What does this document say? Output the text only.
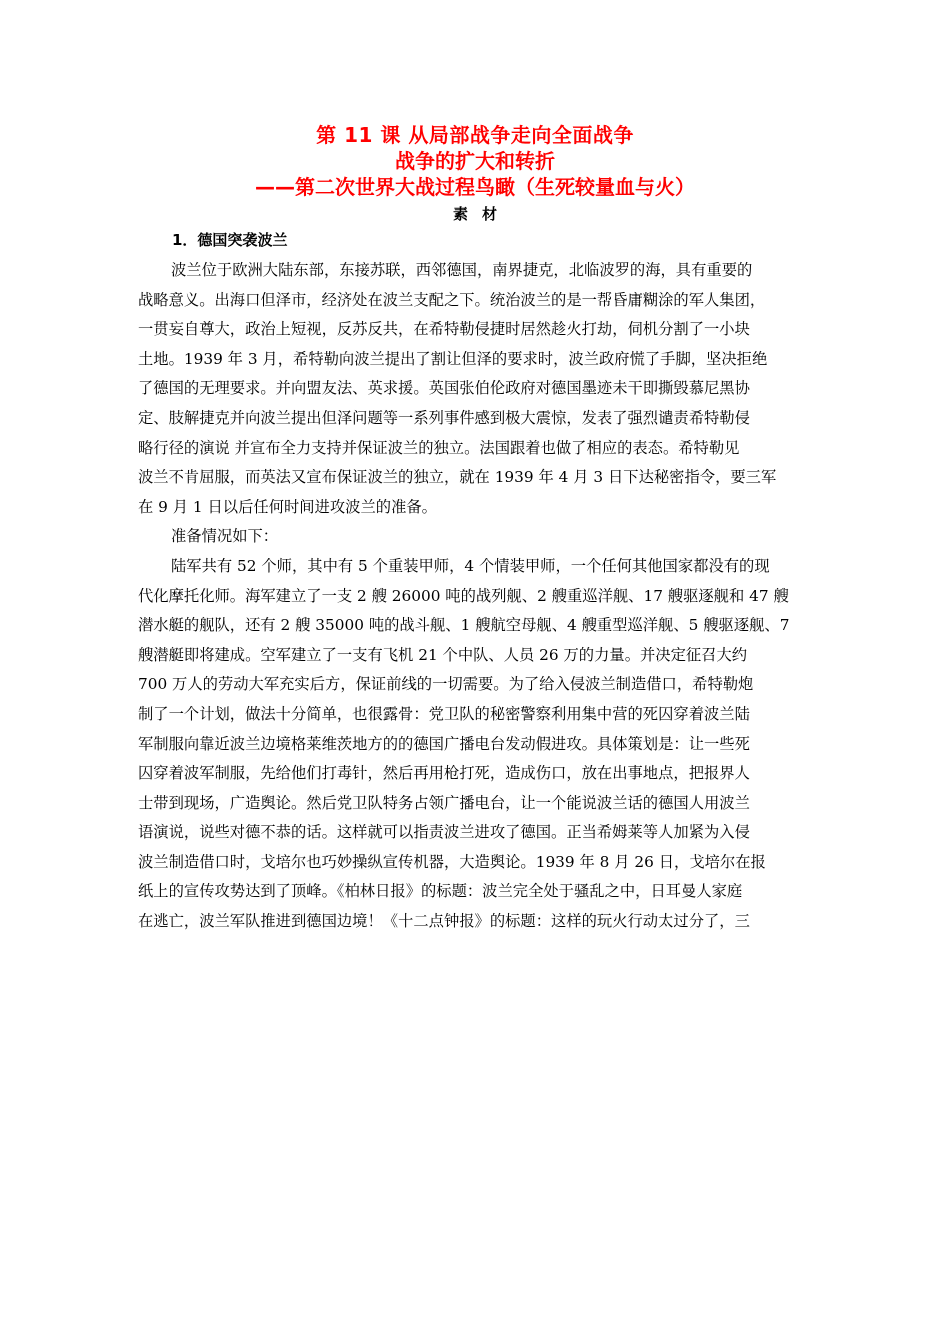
第 11 课 从局部战争走向全面战争
战争的扩大和转折
——第二次世界大战过程鸟瞰（生死较量血与火）
素材
1．德国突袭波兰
波兰位于欧洲大陆东部，东接苏联，西邻德国，南界捷克，北临波罗的海，具有重要的
战略意义。出海口但泽市，经济处在波兰支配之下。统治波兰的是一帮昏庸糊涂的军人集团，
一贯妄自尊大，政治上短视，反苏反共，在希特勒侵捷时居然趁火打劫，伺机分割了一小块
土地。1939 年 3 月，希特勒向波兰提出了割让但泽的要求时，波兰政府慌了手脚，坚决拒绝
了德国的无理要求。并向盟友法、英求援。英国张伯伦政府对德国墨迹未干即撕毁慕尼黑协
定、肢解捷克并向波兰提出但泽问题等一系列事件感到极大震惊，发表了强烈谴责希特勒侵
略行径的演说 并宣布全力支持并保证波兰的独立。法国跟着也做了相应的表态。希特勒见
波兰不肯屈服，而英法又宣布保证波兰的独立，就在 1939 年 4 月 3 日下达秘密指令，要三军
在 9 月 1 日以后任何时间进攻波兰的准备。
准备情况如下：
陆军共有 52 个师，其中有 5 个重装甲师，4 个情装甲师，一个任何其他国家都没有的现
代化摩托化师。海军建立了一支 2 艘 26000 吨的战列舰、2 艘重巡洋舰、17 艘驱逐舰和 47 艘
潜水艇的舰队，还有 2 艘 35000 吨的战斗舰、1 艘航空母舰、4 艘重型巡洋舰、5 艘驱逐舰、7
艘潜艇即将建成。空军建立了一支有飞机 21 个中队、人员 26 万的力量。并决定征召大约
700 万人的劳动大军充实后方，保证前线的一切需要。为了给入侵波兰制造借口，希特勒炮
制了一个计划，做法十分简单，也很露骨：党卫队的秘密警察利用集中营的死囚穿着波兰陆
军制服向靠近波兰边境格莱维茨地方的的德国广播电台发动假进攻。具体策划是：让一些死
囚穿着波军制服，先给他们打毒针，然后再用枪打死，造成伤口，放在出事地点，把报界人
士带到现场，广造舆论。然后党卫队特务占领广播电台，让一个能说波兰话的德国人用波兰
语演说，说些对德不恭的话。这样就可以指责波兰进攻了德国。正当希姆莱等人加紧为入侵
波兰制造借口时，戈培尔也巧妙操纵宣传机器，大造舆论。1939 年 8 月 26 日，戈培尔在报
纸上的宣传攻势达到了顶峰。《柏林日报》的标题：波兰完全处于骚乱之中，日耳曼人家庭
在逃亡，波兰军队推进到德国边境！《十二点钟报》的标题：这样的玩火行动太过分了，三
